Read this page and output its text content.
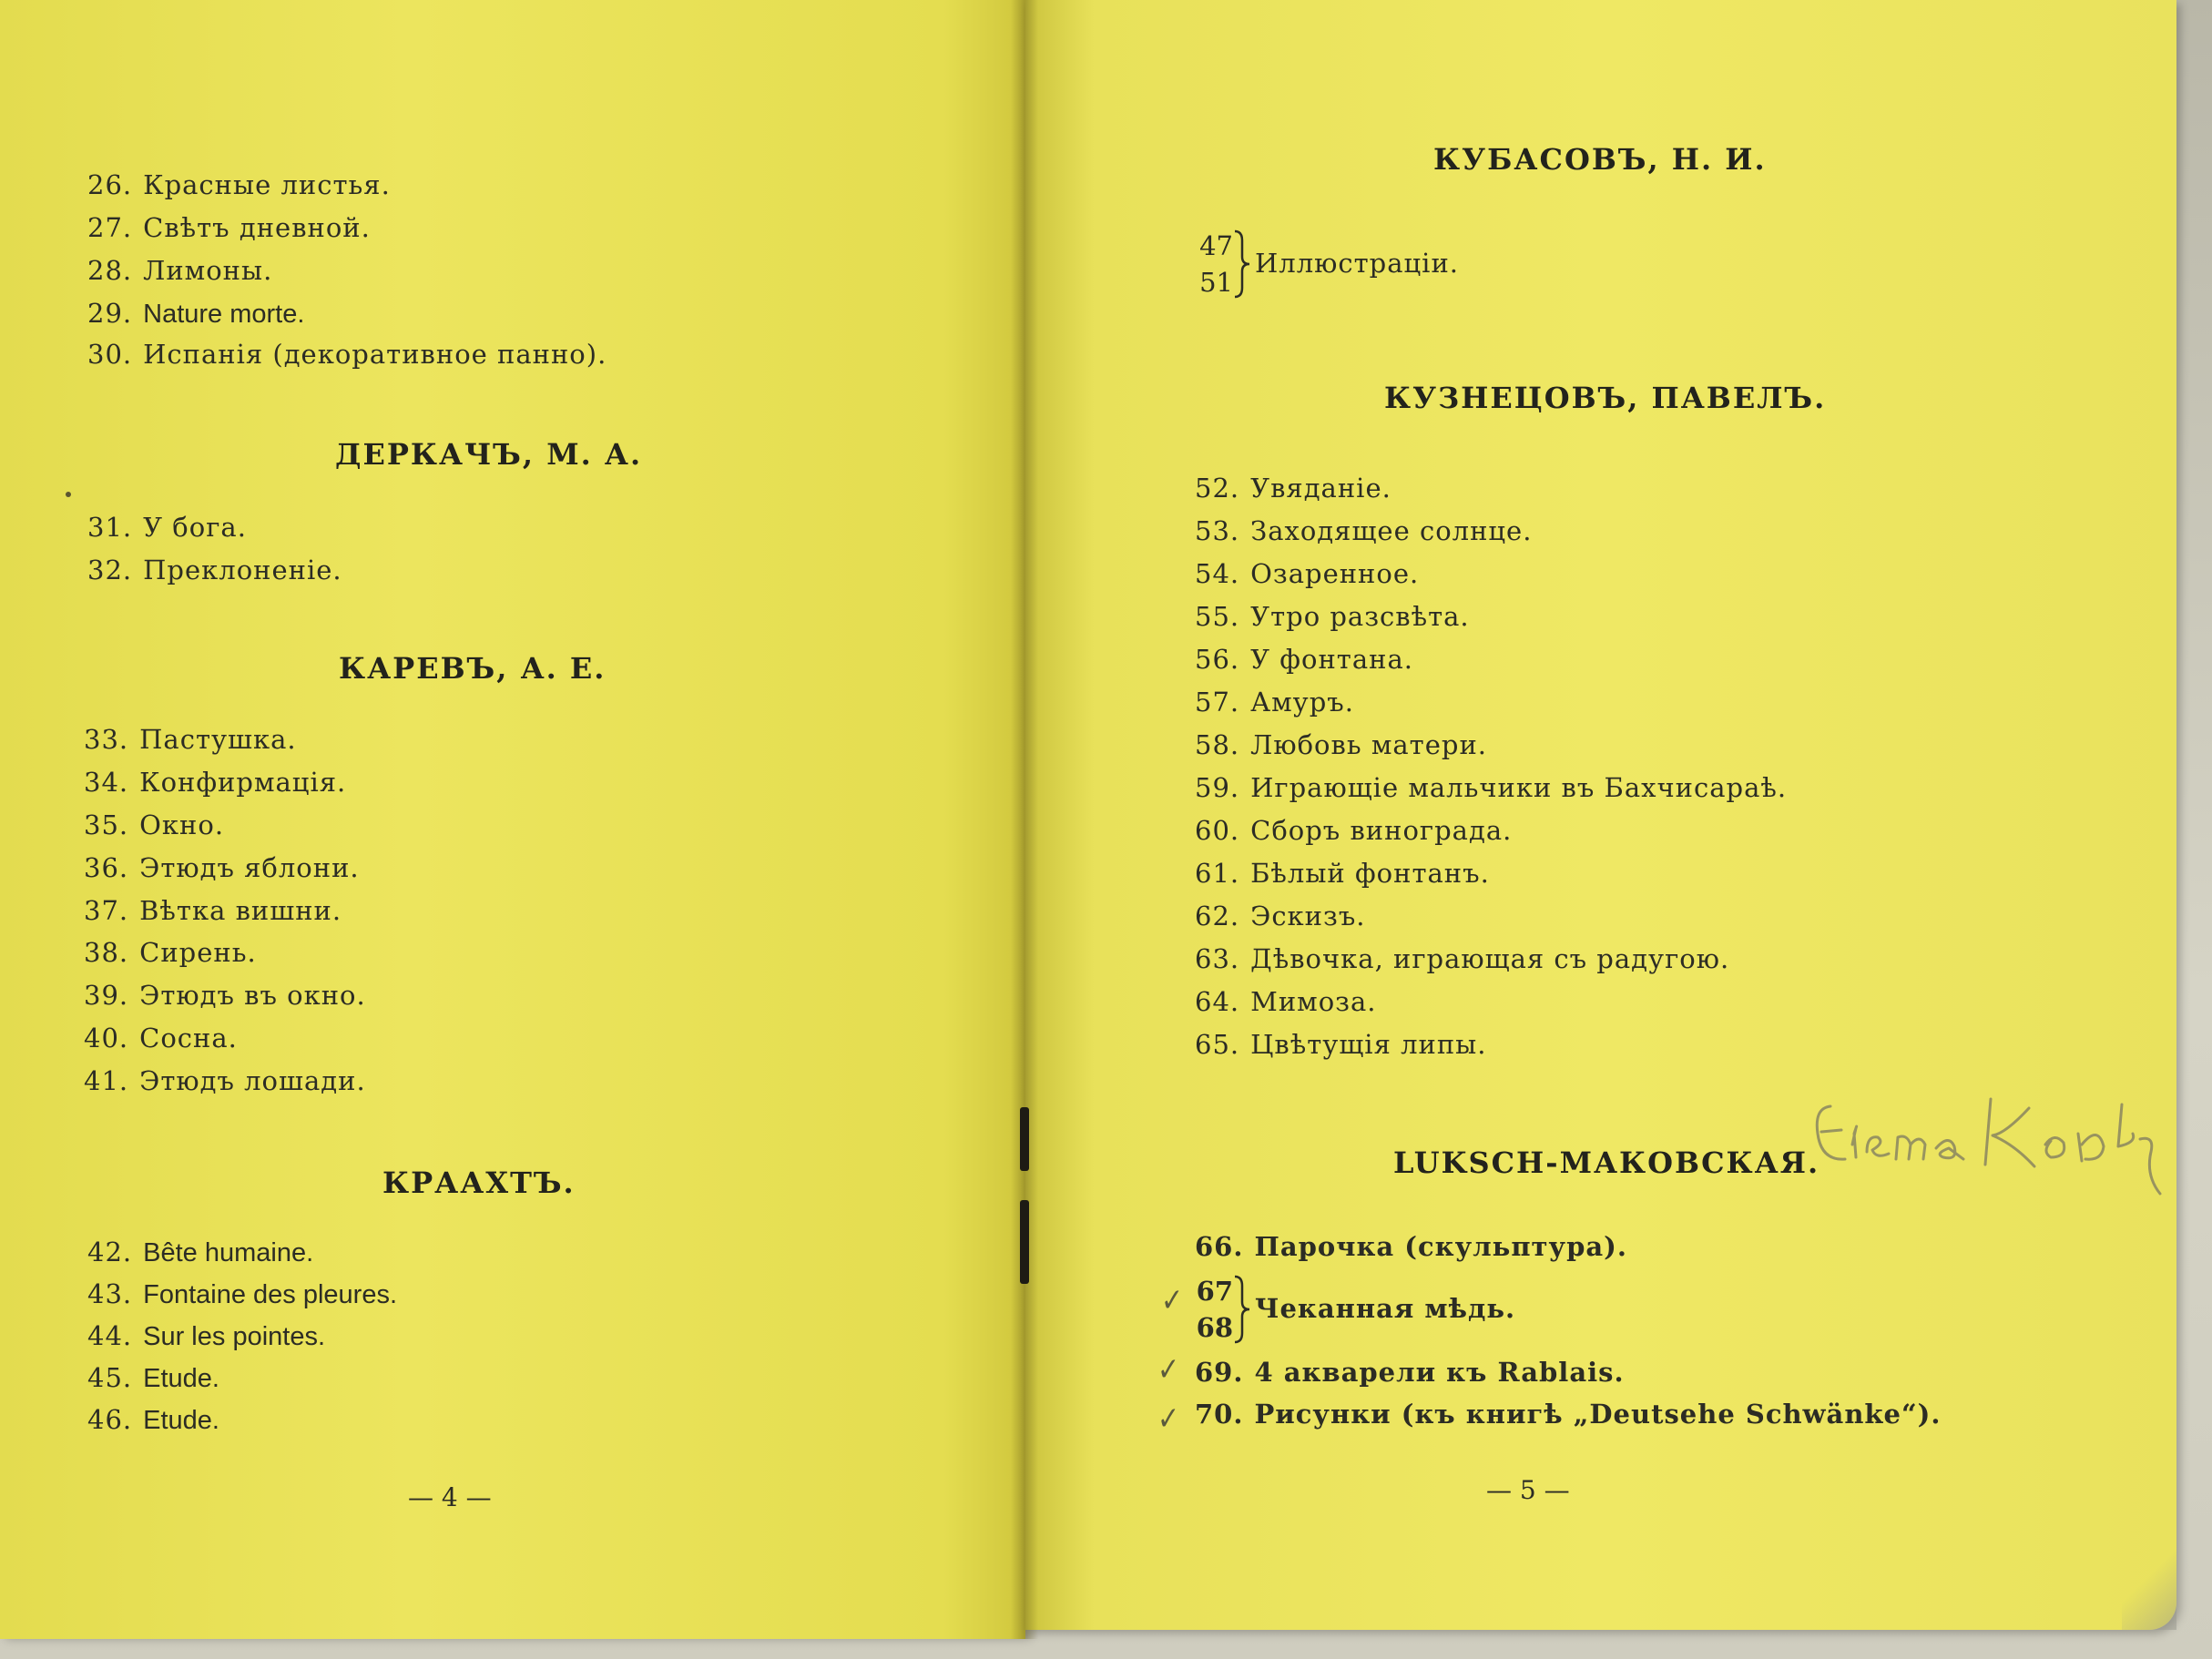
26. Красные листья.
27. Свѣтъ дневной.
28. Лимоны.
29. Nature morte.
30. Испанія (декоративное панно).
ДЕРКАЧЪ, М. А.
31. У бога.
32. Преклоненіе.
КАРЕВЪ, А. Е.
33. Пастушка.
34. Конфирмація.
35. Окно.
36. Этюдъ яблони.
37. Вѣтка вишни.
38. Сирень.
39. Этюдъ въ окно.
40. Сосна.
41. Этюдъ лошади.
КРААХТЪ.
42. Bête humaine.
43. Fontaine des pleures.
44. Sur les pointes.
45. Etude.
46. Etude.
— 4 —
КУБАСОВЪ, Н. И.
47
51
Иллюстраціи.
КУЗНЕЦОВЪ, ПАВЕЛЪ.
52. Увяданіе.
53. Заходящее солнце.
54. Озаренное.
55. Утро разсвѣта.
56. У фонтана.
57. Амуръ.
58. Любовь матери.
59. Играющіе мальчики въ Бахчисараѣ.
60. Сборъ винограда.
61. Бѣлый фонтанъ.
62. Эскизъ.
63. Дѣвочка, играющая съ радугою.
64. Мимоза.
65. Цвѣтущія липы.
LUKSCH-МАКОВСКАЯ.
66. Парочка (скульптура).
67
68
Чеканная мѣдь.
69. 4 акварели къ Rablais.
70. Рисунки (къ книгѣ „Deutsehe Schwänke“).
✓
✓
✓
— 5 —
